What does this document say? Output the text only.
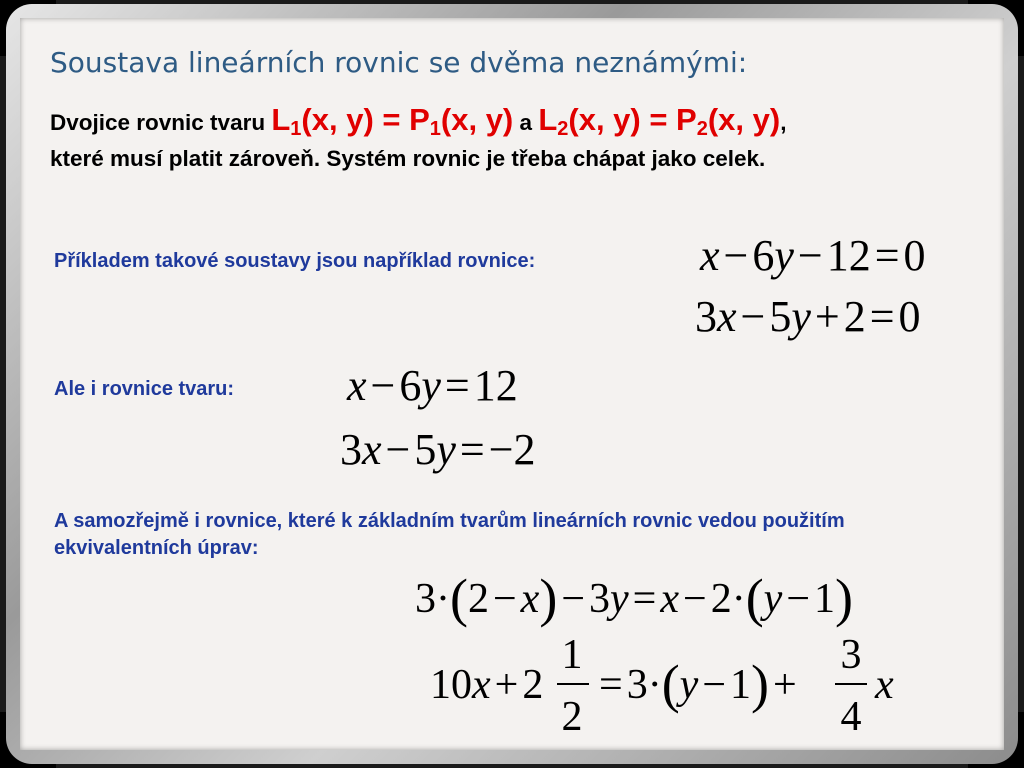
Soustava lineárních rovnic se dvěma neznámými:
Dvojice rovnic tvaru $L_1(x$, $y) = P_1(x$, y) a $L_2(x$, $y) = P_2(x$, y),
které musí platit zároveň. Systém rovnic je třeba chápat jako celek.
Příkladem takové soustavy jsou například rovnice:	x−6y−12=0
3x−5y+2=0
Ale i rovnice tvaru:	x−6y=12
3x−5y=−2
A samozřejmě i rovnice, které k základním tvarům lineárních rovnic vedou použitím ekvivalentních úprav:
3·(2−x)−3y=x−2·(y−1)
10x+2
1
2
=3·(y−1)+
3
4
x
